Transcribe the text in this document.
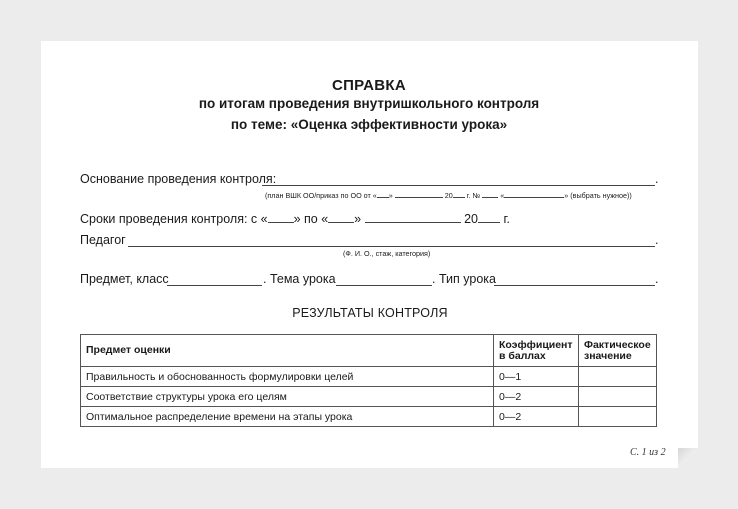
СПРАВКА
по итогам проведения внутришкольного контроля
по теме: «Оценка эффективности урока»
Основание проведения контроля:	.
(план ВШК ОО/приказ по ОО от « »	20 г. №	«	» (выбрать нужное))
Сроки проведения контроля: с « » по « »	20 г.
Педагог	.
(Ф. И. О., стаж, категория)
Предмет, класс	. Тема урока	. Тип урока	.
РЕЗУЛЬТАТЫ КОНТРОЛЯ
Предмет оценки	Коэффициент в баллах	Фактическое значение
Правильность и обоснованность формулировки целей	0—1	
Соответствие структуры урока его целям	0—2	
Оптимальное распределение времени на этапы урока	0—2	
С. 1 из 2
